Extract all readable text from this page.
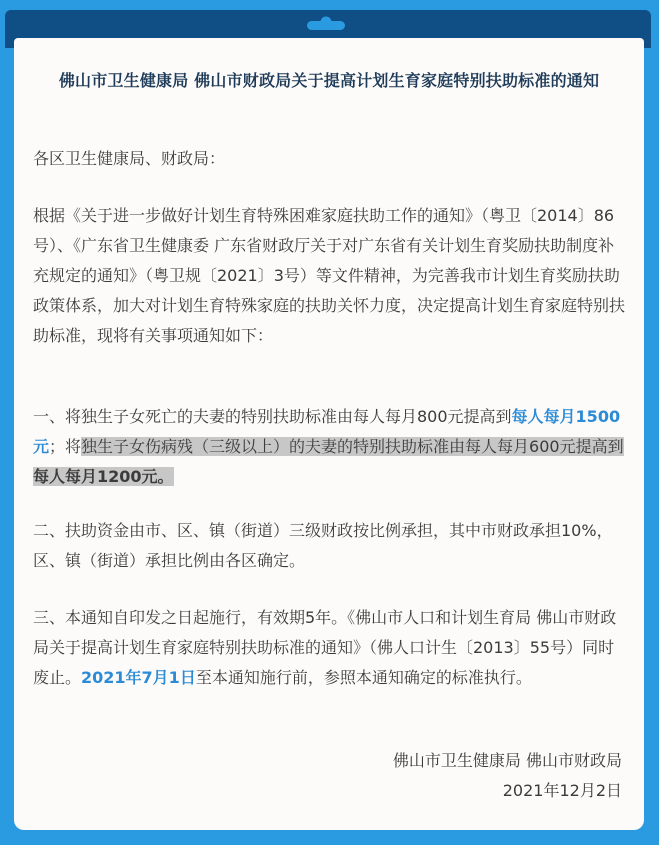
佛山市卫生健康局 佛山市财政局关于提高计划生育家庭特别扶助标准的通知
各区卫生健康局、财政局：
根据《关于进一步做好计划生育特殊困难家庭扶助工作的通知》（粤卫〔2014〕86号）、《广东省卫生健康委 广东省财政厅关于对广东省有关计划生育奖励扶助制度补充规定的通知》（粤卫规〔2021〕3号）等文件精神，为完善我市计划生育奖励扶助政策体系，加大对计划生育特殊家庭的扶助关怀力度，决定提高计划生育家庭特别扶助标准，现将有关事项通知如下：
一、将独生子女死亡的夫妻的特别扶助标准由每人每月800元提高到每人每月1500元；将独生子女伤病残（三级以上）的夫妻的特别扶助标准由每人每月600元提高到每人每月1200元。
二、扶助资金由市、区、镇（街道）三级财政按比例承担，其中市财政承担10%，区、镇（街道）承担比例由各区确定。
三、本通知自印发之日起施行，有效期5年。《佛山市人口和计划生育局 佛山市财政局关于提高计划生育家庭特别扶助标准的通知》（佛人口计生〔2013〕55号）同时废止。2021年7月1日至本通知施行前，参照本通知确定的标准执行。
佛山市卫生健康局 佛山市财政局
2021年12月2日
